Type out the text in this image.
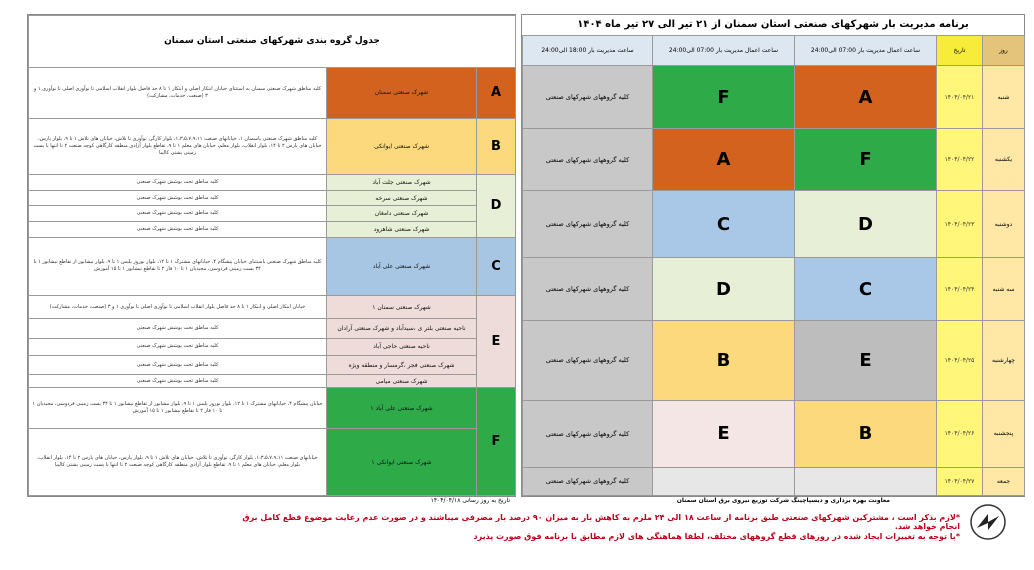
جدول گروه بندی شهرکهای صنعتی استان سمنان		
کلیه مناطق شهرک صنعتی سمنان به استثنای خیابان ابتکار اصلی و ابتکار ۱ تا ۸ حد فاصل بلوار انقلاب اسلامی تا نوآوری اصلی تا نوآوری ۱ و ۳ (صنعت، خدمات، مشارکت)	شهرک صنعتی سمنان	A
کلیه مناطق شهرک صنعتی یاسمنان ۱، خیابانهای صنعت ۱،۳،۵،۷،۹،۱۱، بلوار کارگر، نوآوری تا تلاش، خیابان های تلاش ۱ تا ۹، بلوار پارس، خیابان های پارس ۲ تا ۱۴، بلوار انقلاب، بلوار معلم، خیابان های معلم ۱ تا ۹، تقاطع بلوار آزادی منطقه کارگاهی کوچه صنعت ۲ تا انتها با پست زمینی پشتی کالیبا	شهرک صنعتی ایوانکی	B
کلیه مناطق تحت پوشش شهرک صنعتی	شهرک صنعتی جلت آباد	D
کلیه مناطق تحت پوشش شهرک صنعتی	شهرک صنعتی سرخه	
کلیه مناطق تحت پوشش شهرک صنعتی	شهرک صنعتی دامغان	
کلیه مناطق تحت پوشش شهرک صنعتی	شهرک صنعتی شاهرود	
کلیه مناطق شهرک صنعتی باستثنای خیابان پیشگام ۴، خیابانهای مشترک ۱ تا ۱۲، بلوار نوروز پلیس ۱ تا ۹، بلوار نیشابور از تقاطع نیشابور ۱ تا ۳۴ پست زمینی فردوسی، مجیدیان ۱ تا ۱۰ فاز ۲ تا تقاطع نیشابور ۱ تا ۱۵ آموزش	شهرک صنعتی علی آباد	C
خیابان ابتکار اصلی و ابتکار ۱ تا ۸ حد فاصل بلوار انقلاب اسلامی تا نوآوری اصلی تا نوآوری ۱ و ۳ (صنعت، خدمات، مشارکت)	شهرک صنعتی سمنان ۱	E
کلیه مناطق تحت پوشش شهرک صنعتی	ناحیه صنعتی بلتر ی ،سیدآباد و شهرک صنعتی آرادان	
کلیه مناطق تحت پوشش شهرک صنعتی	ناحیه صنعتی حاجی آباد	
کلیه مناطق تحت پوشش شهرک صنعتی	شهرک صنعتی فجر ،گرمسار و منطقه ویژه	
کلیه مناطق تحت پوشش شهرک صنعتی	شهرک صنعتی میامی	
خیابان پیشگام ۴، خیابانهای مشترک ۱ تا ۱۲، بلوار نوروز پلیس ۱ تا ۹، بلوار نیشابور از تقاطع نیشابور ۱ تا ۳۴ پست زمینی فردوسی، مجیدیان ۱ تا ۱۰ فاز ۲ تا تقاطع نیشابور ۱ تا ۱۵ آموزش	شهرک صنعتی علی آباد ۱	F
خیابانهای صنعت ۱،۳،۵،۷،۹،۱۱، بلوار کارگر، نوآوری تا تلاش، خیابان های تلاش ۱ تا ۹، بلوار پارس، خیابان های پارس ۲ تا ۱۴، بلوار انقلاب، بلوار معلم، خیابان های معلم ۱ تا ۹، تقاطع بلوار آزادی منطقه کارگاهی کوچه صنعت ۲ تا انتها با پست زمینی پشتی کالیبا	شهرک صنعتی ایوانکی ۱	
برنامه مدیریت بار شهرکهای صنعتی استان سمنان از ۲۱ تیر الی ۲۷ تیر ماه ۱۴۰۴
ساعت مدیریت بار 18:00 الی24:00	ساعت اعمال مدیریت بار 07:00 الی24:00	ساعت اعمال مدیریت بار 07:00 الی24:00	تاریخ	روز
کلیه گروههای شهرکهای صنعتی	F	A	۱۴۰۴/۰۴/۲۱	شنبه
کلیه گروههای شهرکهای صنعتی	A	F	۱۴۰۴/۰۴/۲۲	یکشنبه
کلیه گروههای شهرکهای صنعتی	C	D	۱۴۰۴/۰۴/۲۳	دوشنبه
کلیه گروههای شهرکهای صنعتی	D	C	۱۴۰۴/۰۴/۲۴	سه شنبه
کلیه گروههای شهرکهای صنعتی	B	E	۱۴۰۴/۰۴/۲۵	چهارشنبه
کلیه گروههای شهرکهای صنعتی	E	B	۱۴۰۴/۰۴/۲۶	پنجشنبه
کلیه گروههای شهرکهای صنعتی			۱۴۰۴/۰۴/۲۷	جمعه
تاریخ به روز رسانی ۱۴۰۴/۰۴/۱۸	معاونت بهره برداری و دیسپاچینگ شرکت توزیع نیروی برق استان سمنان
*لازم بذکر است ، مشترکین شهرکهای صنعتی طبق برنامه از ساعت ۱۸ الی ۲۴ ملزم به کاهش بار به میزان ۹۰ درصد بار مصرفی میباشند و در صورت عدم رعایت موضوع قطع کامل برق انجام خواهد شد.
*با توجه به تغییرات ایجاد شده در روزهای قطع گروههای مختلف، لطفا هماهنگی های لازم مطابق با برنامه فوق صورت پذیرد
